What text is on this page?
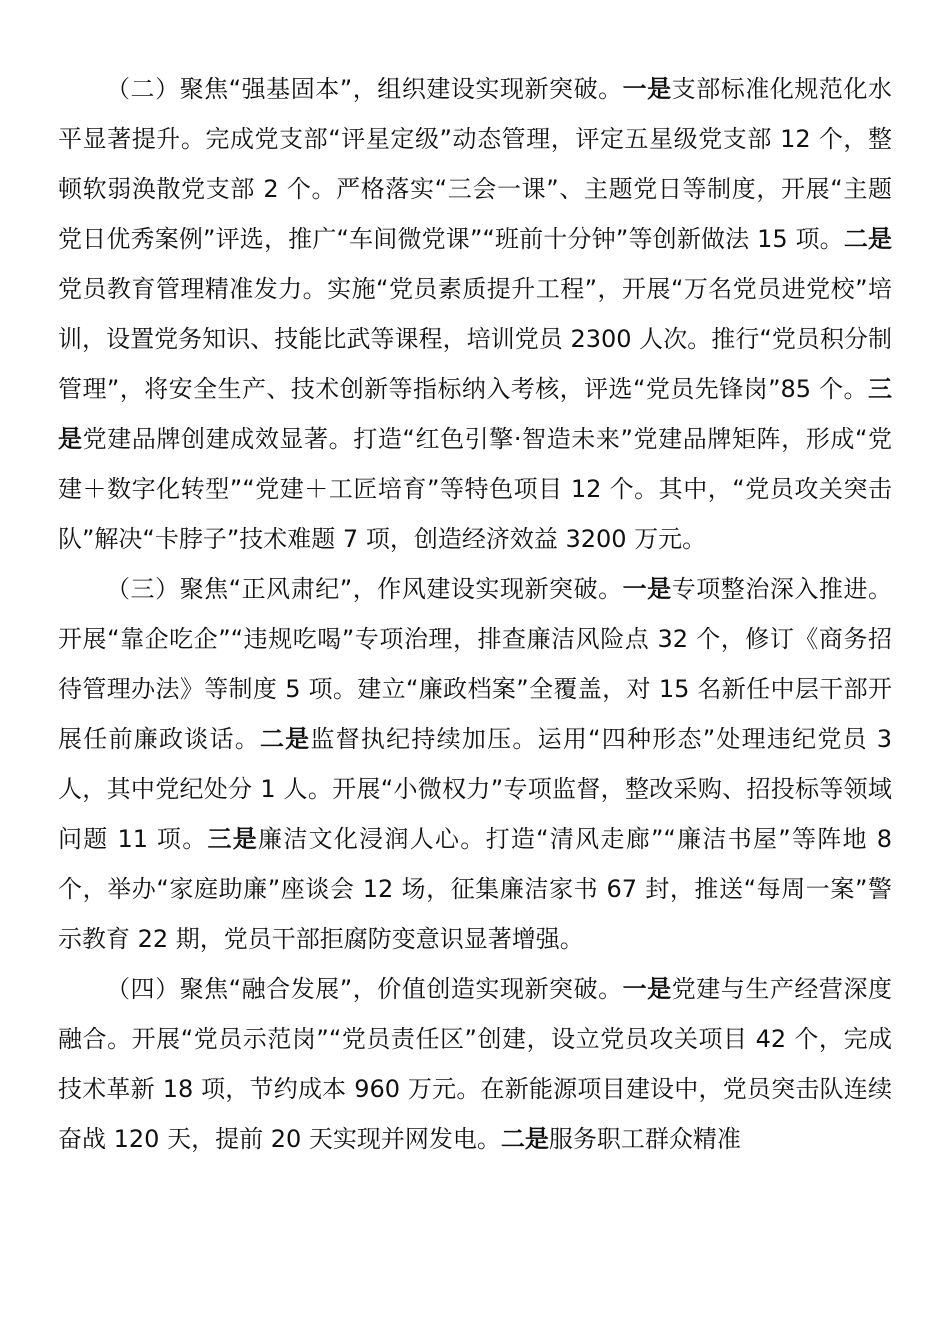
（二）聚焦“强基固本”，组织建设实现新突破。一是支部标准化规范化水平显著提升。完成党支部“评星定级”动态管理，评定五星级党支部 12 个，整顿软弱涣散党支部 2 个。严格落实“三会一课”、主题党日等制度，开展“主题党日优秀案例”评选，推广“车间微党课”“班前十分钟”等创新做法 15 项。二是党员教育管理精准发力。实施“党员素质提升工程”，开展“万名党员进党校”培训，设置党务知识、技能比武等课程，培训党员 2300 人次。推行“党员积分制管理”，将安全生产、技术创新等指标纳入考核，评选“党员先锋岗”85 个。三是党建品牌创建成效显著。打造“红色引擎·智造未来”党建品牌矩阵，形成“党建＋数字化转型”“党建＋工匠培育”等特色项目 12 个。其中，“党员攻关突击队”解决“卡脖子”技术难题 7 项，创造经济效益 3200 万元。

（三）聚焦“正风肃纪”，作风建设实现新突破。一是专项整治深入推进。开展“靠企吃企”“违规吃喝”专项治理，排查廉洁风险点 32 个，修订《商务招待管理办法》等制度 5 项。建立“廉政档案”全覆盖，对 15 名新任中层干部开展任前廉政谈话。二是监督执纪持续加压。运用“四种形态”处理违纪党员 3 人，其中党纪处分 1 人。开展“小微权力”专项监督，整改采购、招投标等领域问题 11 项。三是廉洁文化浸润人心。打造“清风走廊”“廉洁书屋”等阵地 8 个，举办“家庭助廉”座谈会 12 场，征集廉洁家书 67 封，推送“每周一案”警示教育 22 期，党员干部拒腐防变意识显著增强。

（四）聚焦“融合发展”，价值创造实现新突破。一是党建与生产经营深度融合。开展“党员示范岗”“党员责任区”创建，设立党员攻关项目 42 个，完成技术革新 18 项，节约成本 960 万元。在新能源项目建设中，党员突击队连续奋战 120 天，提前 20 天实现并网发电。二是服务职工群众精准
